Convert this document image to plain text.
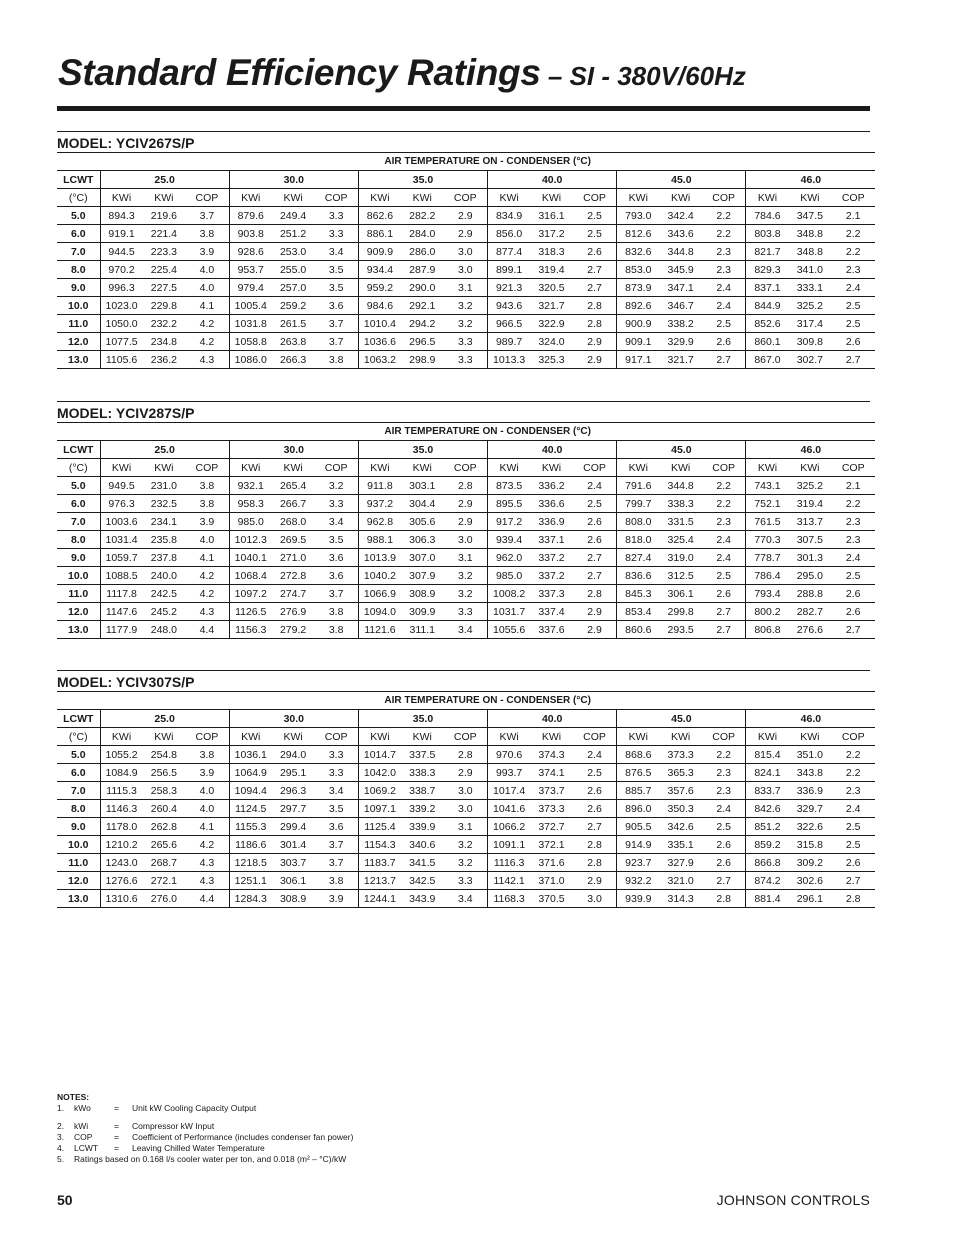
Standard Efficiency Ratings – SI - 380V/60Hz
MODEL: YCIV267S/P
	AIR TEMPERATURE ON - CONDENSER (°C)																	
LCWT	25.0			30.0			35.0			40.0			45.0			46.0		
(°C)	KWi	KWi	COP	KWi	KWi	COP	KWi	KWi	COP	KWi	KWi	COP	KWi	KWi	COP	KWi	KWi	COP
5.0	894.3	219.6	3.7	879.6	249.4	3.3	862.6	282.2	2.9	834.9	316.1	2.5	793.0	342.4	2.2	784.6	347.5	2.1
6.0	919.1	221.4	3.8	903.8	251.2	3.3	886.1	284.0	2.9	856.0	317.2	2.5	812.6	343.6	2.2	803.8	348.8	2.2
7.0	944.5	223.3	3.9	928.6	253.0	3.4	909.9	286.0	3.0	877.4	318.3	2.6	832.6	344.8	2.3	821.7	348.8	2.2
8.0	970.2	225.4	4.0	953.7	255.0	3.5	934.4	287.9	3.0	899.1	319.4	2.7	853.0	345.9	2.3	829.3	341.0	2.3
9.0	996.3	227.5	4.0	979.4	257.0	3.5	959.2	290.0	3.1	921.3	320.5	2.7	873.9	347.1	2.4	837.1	333.1	2.4
10.0	1023.0	229.8	4.1	1005.4	259.2	3.6	984.6	292.1	3.2	943.6	321.7	2.8	892.6	346.7	2.4	844.9	325.2	2.5
11.0	1050.0	232.2	4.2	1031.8	261.5	3.7	1010.4	294.2	3.2	966.5	322.9	2.8	900.9	338.2	2.5	852.6	317.4	2.5
12.0	1077.5	234.8	4.2	1058.8	263.8	3.7	1036.6	296.5	3.3	989.7	324.0	2.9	909.1	329.9	2.6	860.1	309.8	2.6
13.0	1105.6	236.2	4.3	1086.0	266.3	3.8	1063.2	298.9	3.3	1013.3	325.3	2.9	917.1	321.7	2.7	867.0	302.7	2.7
MODEL: YCIV287S/P
	AIR TEMPERATURE ON - CONDENSER (°C)																	
LCWT	25.0			30.0			35.0			40.0			45.0			46.0		
(°C)	KWi	KWi	COP	KWi	KWi	COP	KWi	KWi	COP	KWi	KWi	COP	KWi	KWi	COP	KWi	KWi	COP
5.0	949.5	231.0	3.8	932.1	265.4	3.2	911.8	303.1	2.8	873.5	336.2	2.4	791.6	344.8	2.2	743.1	325.2	2.1
6.0	976.3	232.5	3.8	958.3	266.7	3.3	937.2	304.4	2.9	895.5	336.6	2.5	799.7	338.3	2.2	752.1	319.4	2.2
7.0	1003.6	234.1	3.9	985.0	268.0	3.4	962.8	305.6	2.9	917.2	336.9	2.6	808.0	331.5	2.3	761.5	313.7	2.3
8.0	1031.4	235.8	4.0	1012.3	269.5	3.5	988.1	306.3	3.0	939.4	337.1	2.6	818.0	325.4	2.4	770.3	307.5	2.3
9.0	1059.7	237.8	4.1	1040.1	271.0	3.6	1013.9	307.0	3.1	962.0	337.2	2.7	827.4	319.0	2.4	778.7	301.3	2.4
10.0	1088.5	240.0	4.2	1068.4	272.8	3.6	1040.2	307.9	3.2	985.0	337.2	2.7	836.6	312.5	2.5	786.4	295.0	2.5
11.0	1117.8	242.5	4.2	1097.2	274.7	3.7	1066.9	308.9	3.2	1008.2	337.3	2.8	845.3	306.1	2.6	793.4	288.8	2.6
12.0	1147.6	245.2	4.3	1126.5	276.9	3.8	1094.0	309.9	3.3	1031.7	337.4	2.9	853.4	299.8	2.7	800.2	282.7	2.6
13.0	1177.9	248.0	4.4	1156.3	279.2	3.8	1121.6	311.1	3.4	1055.6	337.6	2.9	860.6	293.5	2.7	806.8	276.6	2.7
MODEL: YCIV307S/P
	AIR TEMPERATURE ON - CONDENSER (°C)																	
LCWT	25.0			30.0			35.0			40.0			45.0			46.0		
(°C)	KWi	KWi	COP	KWi	KWi	COP	KWi	KWi	COP	KWi	KWi	COP	KWi	KWi	COP	KWi	KWi	COP
5.0	1055.2	254.8	3.8	1036.1	294.0	3.3	1014.7	337.5	2.8	970.6	374.3	2.4	868.6	373.3	2.2	815.4	351.0	2.2
6.0	1084.9	256.5	3.9	1064.9	295.1	3.3	1042.0	338.3	2.9	993.7	374.1	2.5	876.5	365.3	2.3	824.1	343.8	2.2
7.0	1115.3	258.3	4.0	1094.4	296.3	3.4	1069.2	338.7	3.0	1017.4	373.7	2.6	885.7	357.6	2.3	833.7	336.9	2.3
8.0	1146.3	260.4	4.0	1124.5	297.7	3.5	1097.1	339.2	3.0	1041.6	373.3	2.6	896.0	350.3	2.4	842.6	329.7	2.4
9.0	1178.0	262.8	4.1	1155.3	299.4	3.6	1125.4	339.9	3.1	1066.2	372.7	2.7	905.5	342.6	2.5	851.2	322.6	2.5
10.0	1210.2	265.6	4.2	1186.6	301.4	3.7	1154.3	340.6	3.2	1091.1	372.1	2.8	914.9	335.1	2.6	859.2	315.8	2.5
11.0	1243.0	268.7	4.3	1218.5	303.7	3.7	1183.7	341.5	3.2	1116.3	371.6	2.8	923.7	327.9	2.6	866.8	309.2	2.6
12.0	1276.6	272.1	4.3	1251.1	306.1	3.8	1213.7	342.5	3.3	1142.1	371.0	2.9	932.2	321.0	2.7	874.2	302.6	2.7
13.0	1310.6	276.0	4.4	1284.3	308.9	3.9	1244.1	343.9	3.4	1168.3	370.5	3.0	939.9	314.3	2.8	881.4	296.1	2.8
NOTES:
1.	kWo	=	Unit kW Cooling Capacity Output
2.	kWi	=	Compressor kW Input
3.	COP	=	Coefficient of Performance (includes condenser fan power)
4.	LCWT	=	Leaving Chilled Water Temperature
5.	Ratings based on 0.168 l/s cooler water per ton, and 0.018 (m² – °C)/kW
50	JOHNSON CONTROLS
